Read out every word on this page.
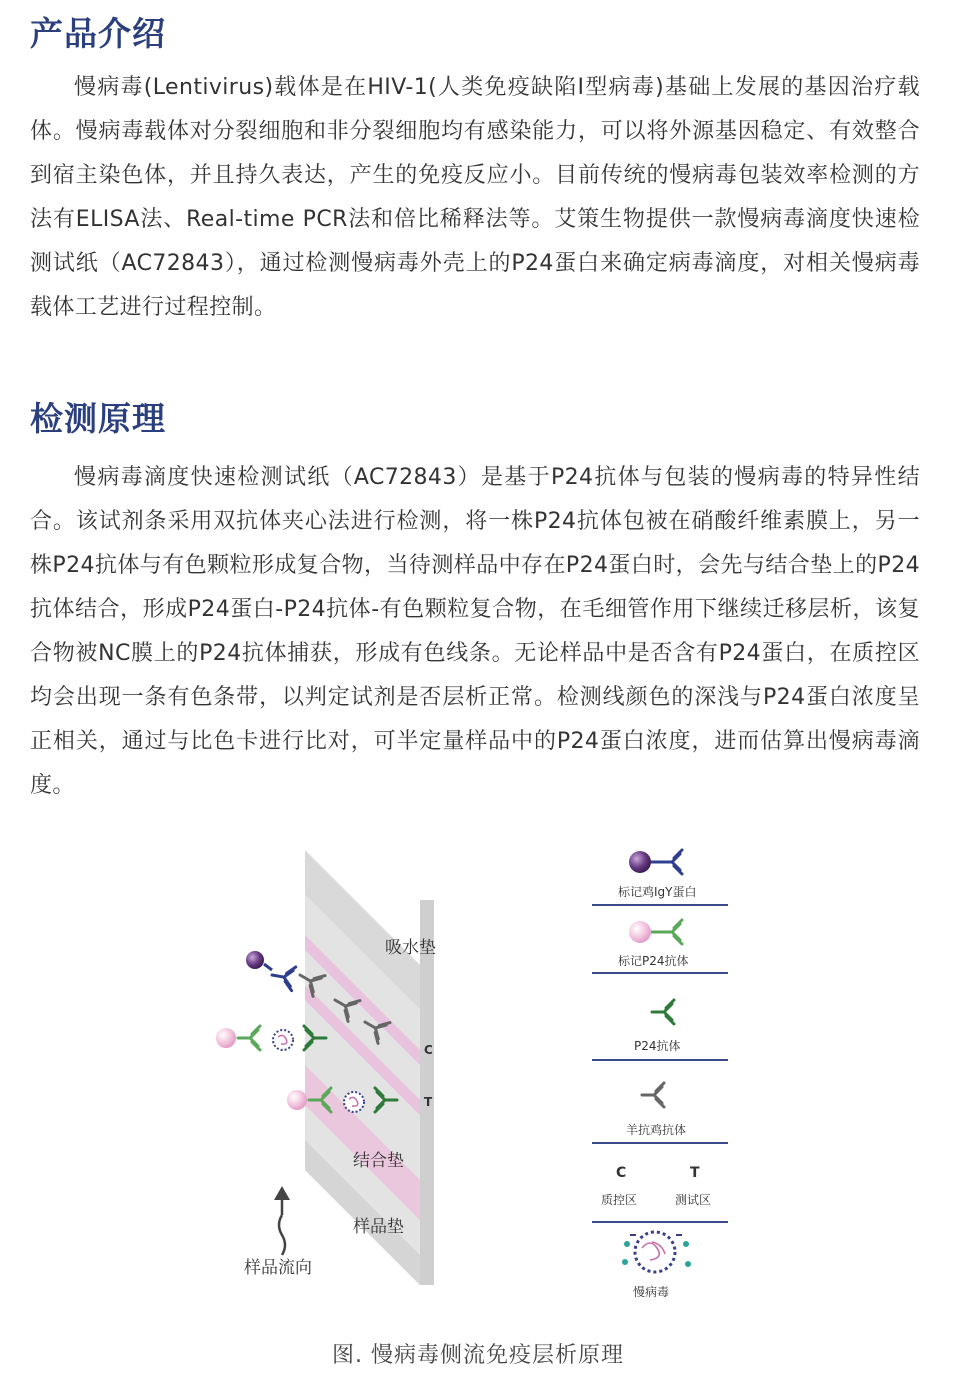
产品介绍

慢病毒(Lentivirus)载体是在HIV-1(人类免疫缺陷I型病毒)基础上发展的基因治疗载体。慢病毒载体对分裂细胞和非分裂细胞均有感染能力，可以将外源基因稳定、有效整合到宿主染色体，并且持久表达，产生的免疫反应小。目前传统的慢病毒包装效率检测的方法有ELISA法、Real-time PCR法和倍比稀释法等。艾策生物提供一款慢病毒滴度快速检测试纸（AC72843），通过检测慢病毒外壳上的P24蛋白来确定病毒滴度，对相关慢病毒载体工艺进行过程控制。

检测原理

慢病毒滴度快速检测试纸（AC72843）是基于P24抗体与包装的慢病毒的特异性结合。该试剂条采用双抗体夹心法进行检测，将一株P24抗体包被在硝酸纤维素膜上，另一株P24抗体与有色颗粒形成复合物，当待测样品中存在P24蛋白时，会先与结合垫上的P24抗体结合，形成P24蛋白-P24抗体-有色颗粒复合物，在毛细管作用下继续迁移层析，该复合物被NC膜上的P24抗体捕获，形成有色线条。无论样品中是否含有P24蛋白，在质控区均会出现一条有色条带，以判定试剂是否层析正常。检测线颜色的深浅与P24蛋白浓度呈正相关，通过与比色卡进行比对，可半定量样品中的P24蛋白浓度，进而估算出慢病毒滴度。

吸水垫
C
T
结合垫
样品垫
样品流向
标记鸡IgY蛋白
标记P24抗体
P24抗体
羊抗鸡抗体
C	T
质控区	测试区
慢病毒

图. 慢病毒侧流免疫层析原理
